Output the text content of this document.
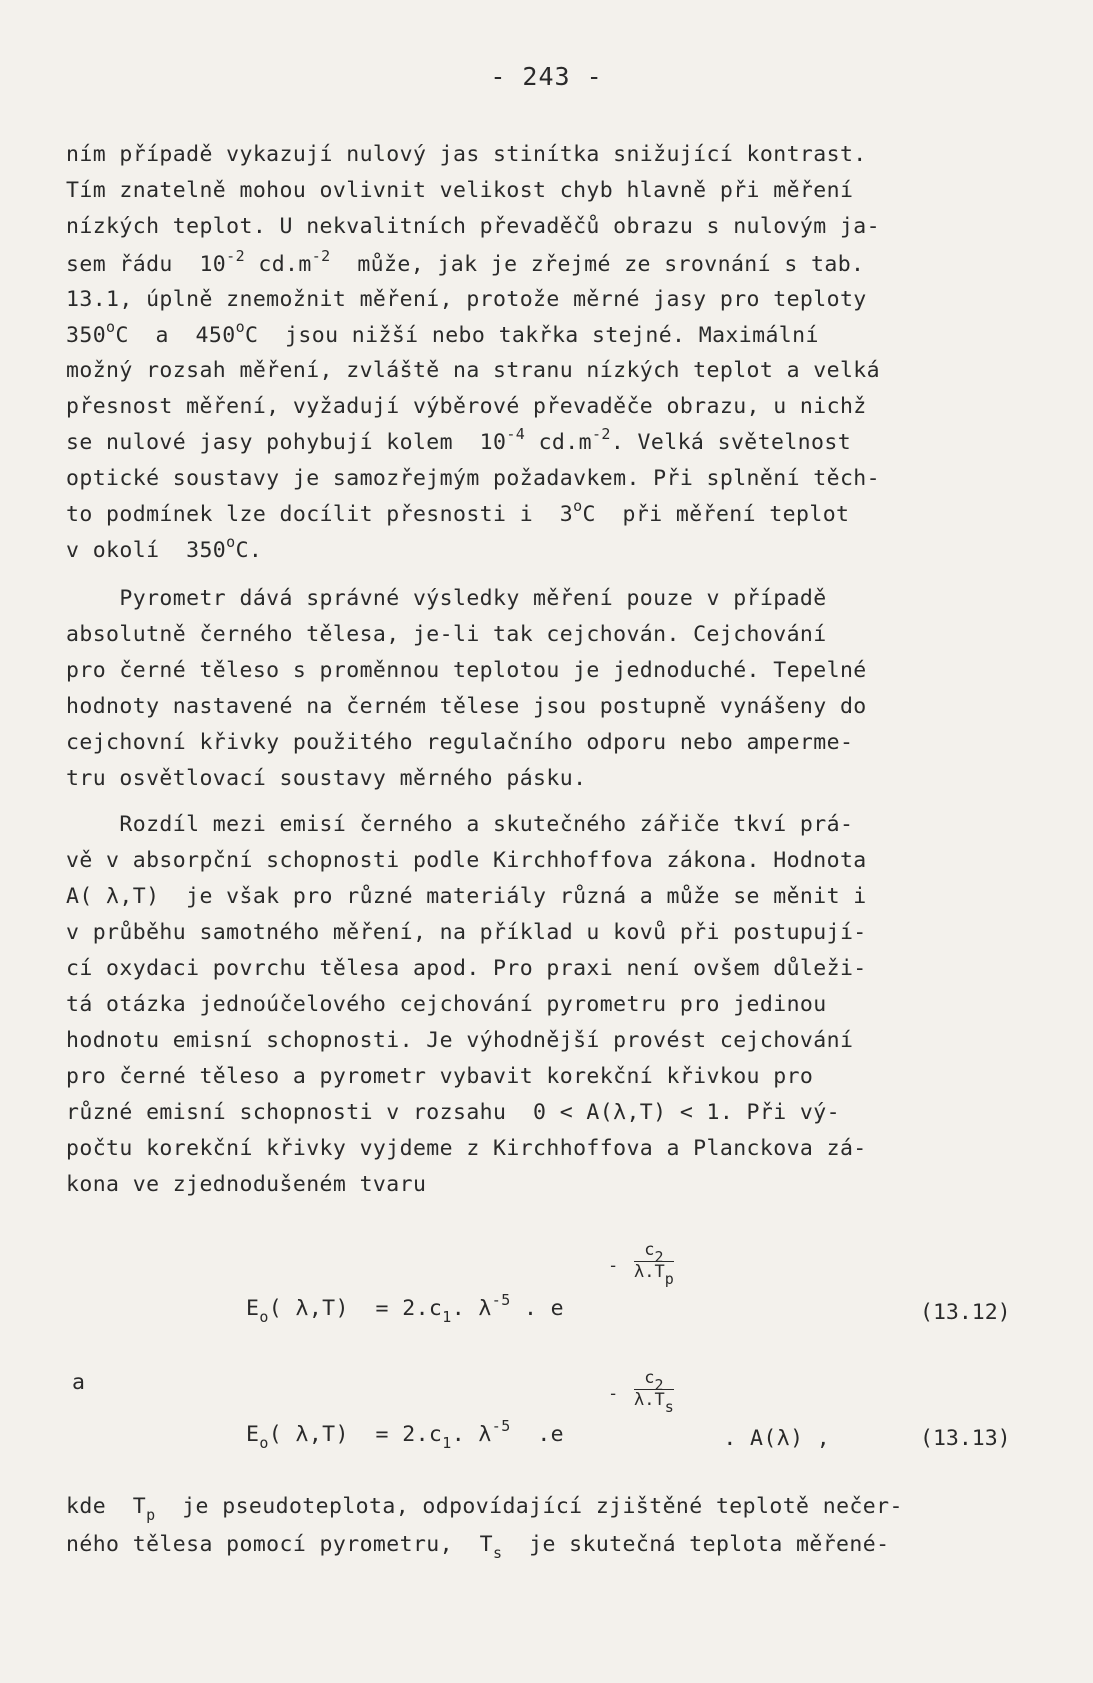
- 243 -
ním případě vykazují nulový jas stinítka snižující kontrast.
Tím znatelně mohou ovlivnit velikost chyb hlavně při měření
nízkých teplot. U nekvalitních převaděčů obrazu s nulovým ja-
sem řádu  $10^{-2}$ $cd.m^{-2}$  může, jak je zřejmé ze srovnání s tab.
13.1, úplně znemožnit měření, protože měrné jasy pro teploty
350$^o$C  a  450$^o$C  jsou nižší nebo takřka stejné. Maximální
možný rozsah měření, zvláště na stranu nízkých teplot a velká
přesnost měření, vyžadují výběrové převaděče obrazu, u nichž
se nulové jasy pohybují kolem  $10^{-4}$ $cd.m^{-2}$. Velká světelnost
optické soustavy je samozřejmým požadavkem. Při splnění těch-
to podmínek lze docílit přesnosti i  3$^o$C  při měření teplot
v okolí  350$^o$C.
Pyrometr dává správné výsledky měření pouze v případě
absolutně černého tělesa, je-li tak cejchován. Cejchování
pro černé těleso s proměnnou teplotou je jednoduché. Tepelné
hodnoty nastavené na černém tělese jsou postupně vynášeny do
cejchovní křivky použitého regulačního odporu nebo amperme-
tru osvětlovací soustavy měrného pásku.
Rozdíl mezi emisí černého a skutečného zářiče tkví prá-
vě v absorpční schopnosti podle Kirchhoffova zákona. Hodnota
A( λ,T)  je však pro různé materiály různá a může se měnit i
v průběhu samotného měření, na příklad u kovů při postupují-
cí oxydaci povrchu tělesa apod. Pro praxi není ovšem důleži-
tá otázka jednoúčelového cejchování pyrometru pro jedinou
hodnotu emisní schopnosti. Je výhodnější provést cejchování
pro černé těleso a pyrometr vybavit korekční křivkou pro
různé emisní schopnosti v rozsahu  0 < A(λ,T) < 1. Při vý-
počtu korekční křivky vyjdeme z Kirchhoffova a Planckova zá-
kona ve zjednodušeném tvaru
$E_o$( $\lambda,T) = 2.c_1$. $\lambda^{-5}$ . e
- $\frac{c_2}{\lambda.T_p}$
(13.12)
a
$E_o$( $\lambda,T) = 2.c_1$. $\lambda^{-5}$  .e
- $\frac{c_2}{\lambda.T_s}$
. A(λ) ,	(13.13)
kde  $T_p$  je pseudoteplota, odpovídající zjištěné teplotě nečer-
ného tělesa pomocí pyrometru,  $T_s$  je skutečná teplota měřené-
